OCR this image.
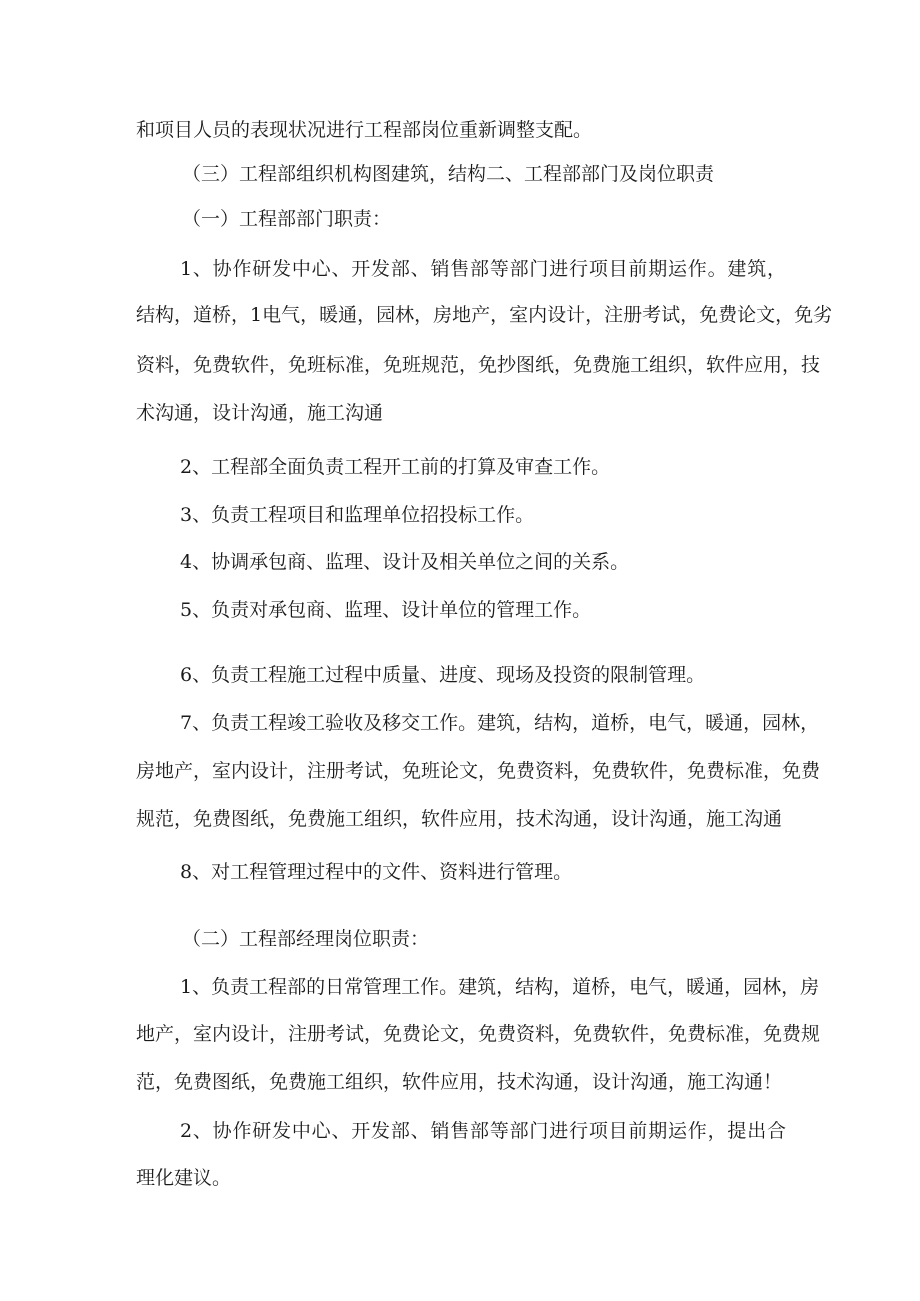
和项目人员的表现状况进行工程部岗位重新调整支配。
（三）工程部组织机构图建筑，结构二、工程部部门及岗位职责
（一）工程部部门职责：
1、协作研发中心、开发部、销售部等部门进行项目前期运作。建筑，
结构，道桥，1电气，暖通，园林，房地产，室内设计，注册考试，免费论文，免劣
资料，免费软件，免班标准，免班规范，免抄图纸，免费施工组织，软件应用，技
术沟通，设计沟通，施工沟通
2、工程部全面负责工程开工前的打算及审查工作。
3、负责工程项目和监理单位招投标工作。
4、协调承包商、监理、设计及相关单位之间的关系。
5、负责对承包商、监理、设计单位的管理工作。
6、负责工程施工过程中质量、进度、现场及投资的限制管理。
7、负责工程竣工验收及移交工作。建筑，结构，道桥，电气，暖通，园林，
房地产，室内设计，注册考试，免班论文，免费资料，免费软件，免费标准，免费
规范，免费图纸，免费施工组织，软件应用，技术沟通，设计沟通，施工沟通
8、对工程管理过程中的文件、资料进行管理。
（二）工程部经理岗位职责：
1、负责工程部的日常管理工作。建筑，结构，道桥，电气，暖通，园林，房
地产，室内设计，注册考试，免费论文，免费资料，免费软件，免费标准，免费规
范，免费图纸，免费施工组织，软件应用，技术沟通，设计沟通，施工沟通！
2、协作研发中心、开发部、销售部等部门进行项目前期运作，提出合
理化建议。
